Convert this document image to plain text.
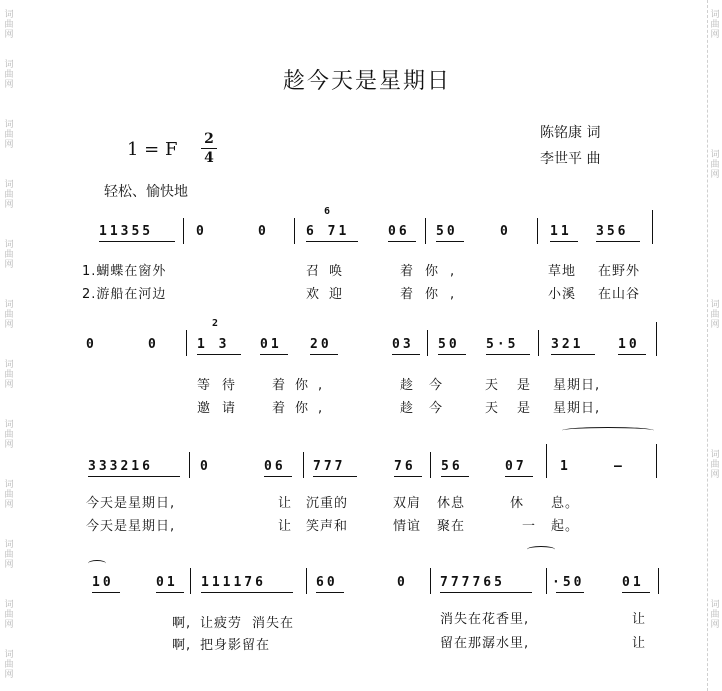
词曲网
词曲网
词曲网
词曲网
词曲网
词曲网
词曲网
词曲网
词曲网
词曲网
词曲网
词曲网
词曲网
词曲网
词曲网
词曲网
词曲网
趁今天是星期日
陈铭康 词
李世平 曲
1 = F 2
4
轻松、愉快地
11355	0	0
6
6 71	06 50	0	11 356
1.蝴蝶在窗外	召唤	着你,	草地 在野外
2.游船在河边	欢迎	着你,	小溪 在山谷
0	0
2
1 3 01 20	03 50 5·5	321	10
等待 着你,	趁今 天 是 星期日,
邀请 着你,	趁今 天 是 星期日,
333216	0	06 777	76 56	07	1	—
今天是星期日,	让 沉重的	双肩 休息	休 息。
今天是星期日,	让 笑声和	情谊 聚在	一 起。
10	01 111176	60	0 777765	·50	01
啊, 让疲劳 消失在	消失在花香里,	让
啊, 把身影留在	留在那潺水里,	让
